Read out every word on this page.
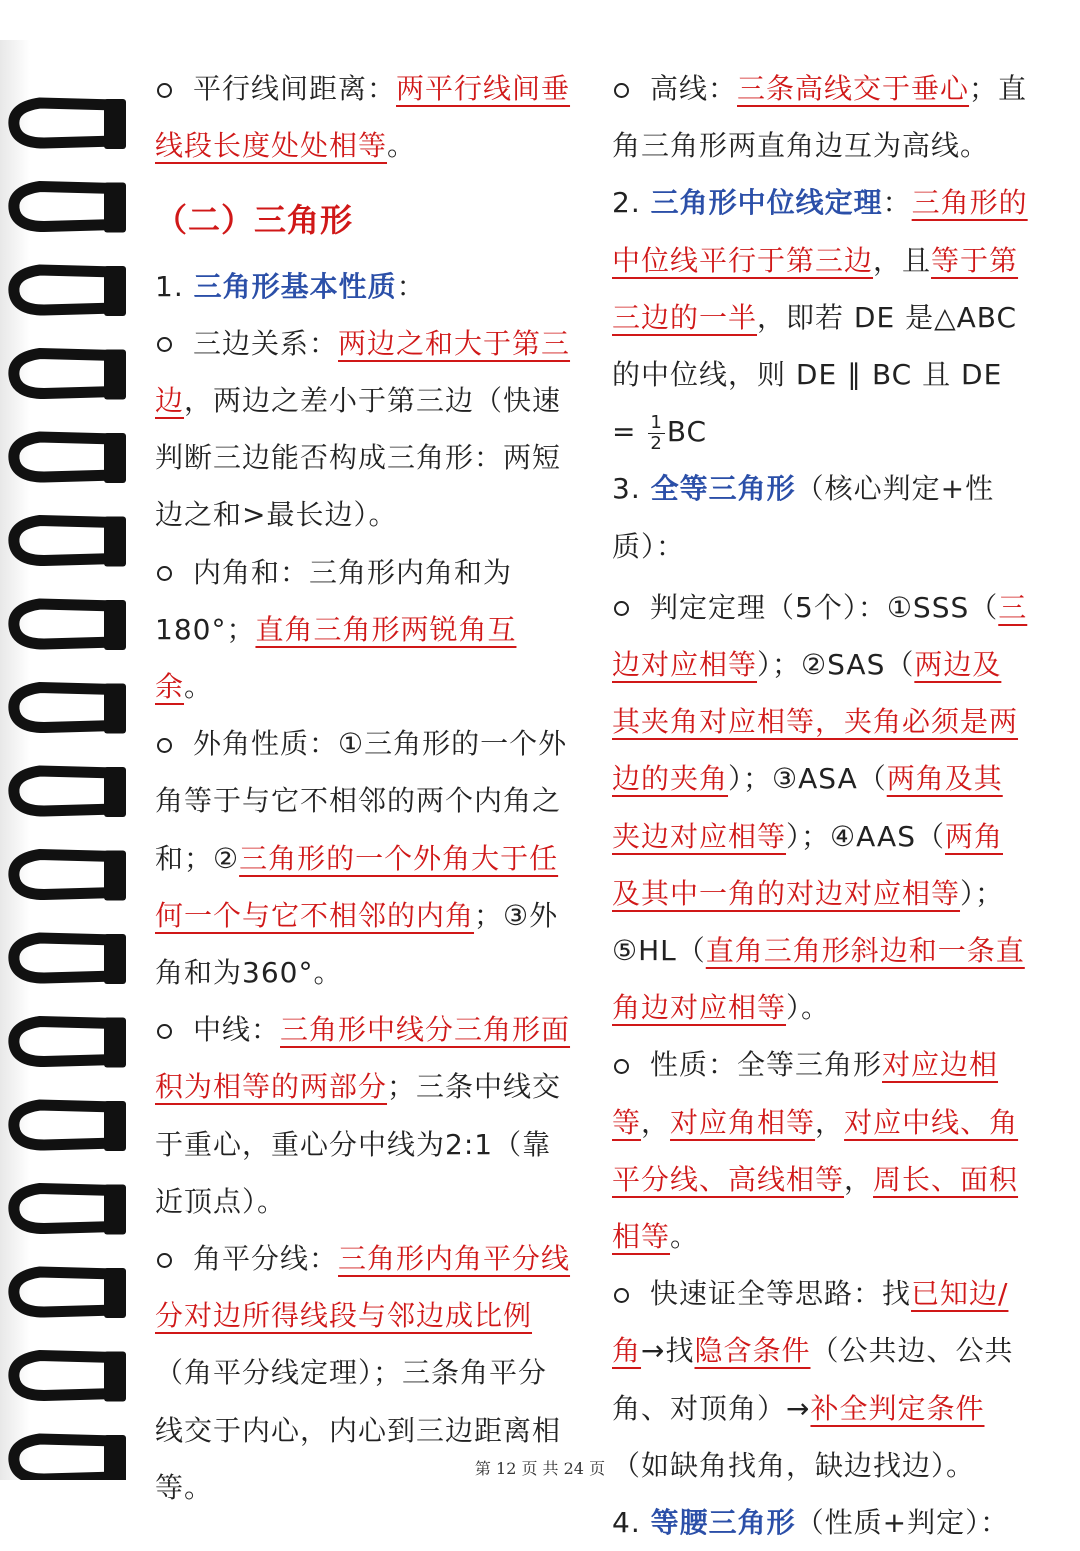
平行线间距离：两平行线间垂线段长度处处相等。

（二）三角形

1. 三角形基本性质：

三边关系：两边之和大于第三边，两边之差小于第三边（快速判断三边能否构成三角形：两短边之和>最长边）。

内角和：三角形内角和为180°；直角三角形两锐角互余。

外角性质：①三角形的一个外角等于与它不相邻的两个内角之和；②三角形的一个外角大于任何一个与它不相邻的内角；③外角和为360°。

中线：三角形中线分三角形面积为相等的两部分；三条中线交于重心，重心分中线为2:1（靠近顶点）。

角平分线：三角形内角平分线分对边所得线段与邻边成比例（角平分线定理）；三条角平分线交于内心，内心到三边距离相等。

高线：三条高线交于垂心；直角三角形两直角边互为高线。

2. 三角形中位线定理：三角形的中位线平行于第三边，且等于第三边的一半，即若 DE 是△ABC 的中位线，则 DE ∥ BC 且 DE = $\frac{1}{2}$ BC

3. 全等三角形（核心判定+性质）：

判定定理（5个）：①SSS（三边对应相等）；②SAS（两边及其夹角对应相等，夹角必须是两边的夹角）；③ASA（两角及其夹边对应相等）；④AAS（两角及其中一角的对边对应相等）；⑤HL（直角三角形斜边和一条直角边对应相等）。

性质：全等三角形对应边相等，对应角相等，对应中线、角平分线、高线相等，周长、面积相等。

快速证全等思路：找已知边/角→找隐含条件（公共边、公共角、对顶角）→补全判定条件（如缺角找角，缺边找边）。

4. 等腰三角形（性质+判定）：

第 12 页 共 24 页
